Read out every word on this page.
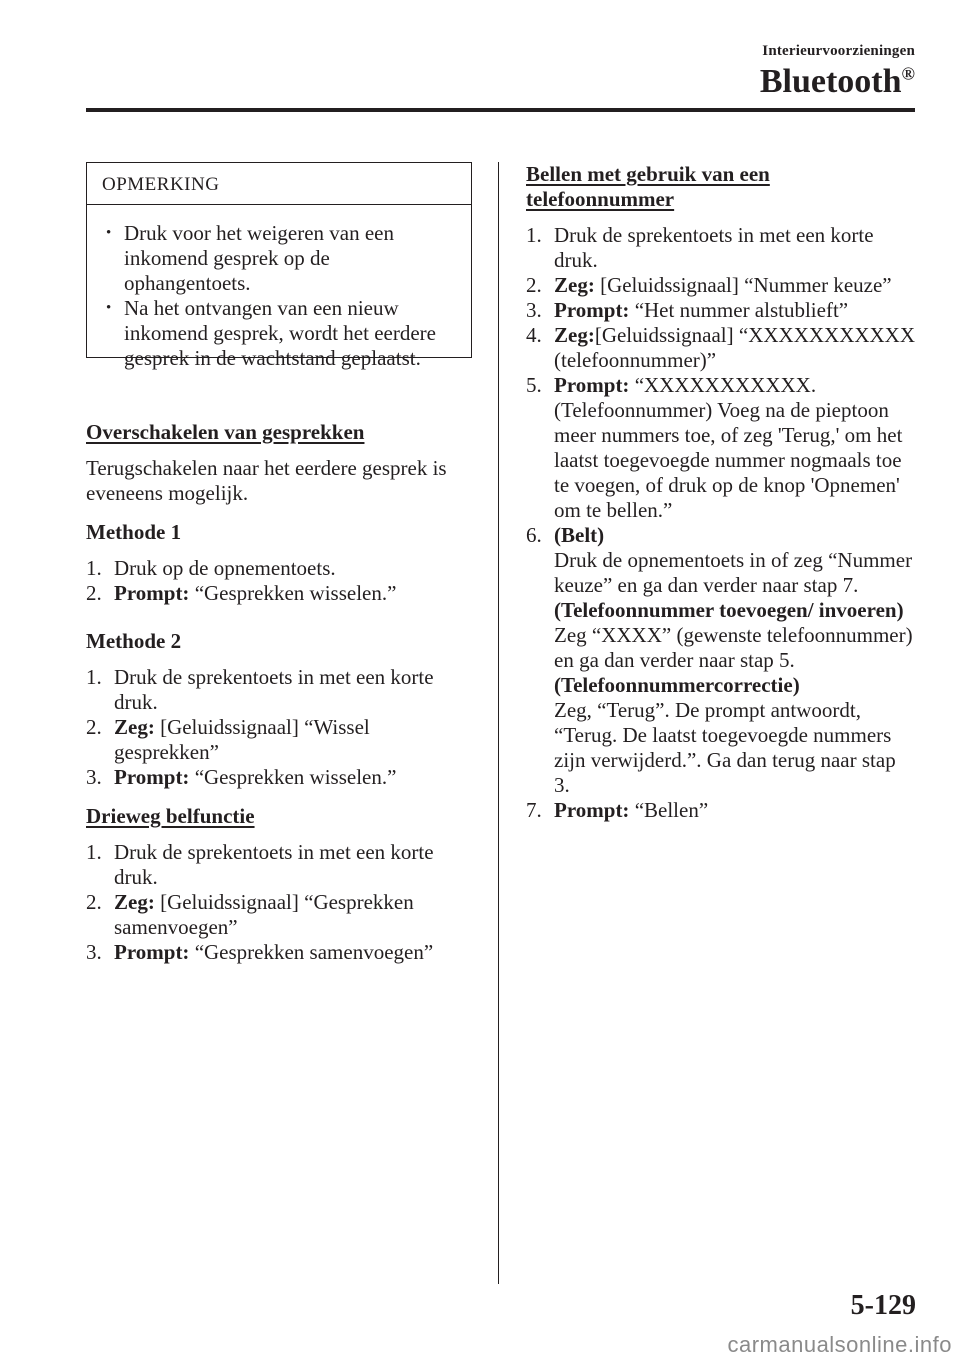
Interieurvoorzieningen
Bluetooth®
OPMERKING
• Druk voor het weigeren van een inkomend gesprek op de ophangentoets.
• Na het ontvangen van een nieuw inkomend gesprek, wordt het eerdere gesprek in de wachtstand geplaatst.
Overschakelen van gesprekken

Terugschakelen naar het eerdere gesprek is eveneens mogelijk.

Methode 1
1. Druk op de opnementoets.
2. Prompt: “Gesprekken wisselen.”
Methode 2
1. Druk de sprekentoets in met een korte druk.
2. Zeg: [Geluidssignaal] “Wissel gesprekken”
3. Prompt: “Gesprekken wisselen.”
Drieweg belfunctie
1. Druk de sprekentoets in met een korte druk.
2. Zeg: [Geluidssignaal] “Gesprekken samenvoegen”
3. Prompt: “Gesprekken samenvoegen”
Bellen met gebruik van een
telefoonnummer
1. Druk de sprekentoets in met een korte druk.
2. Zeg: [Geluidssignaal] “Nummer keuze”
3. Prompt: “Het nummer alstublieft”
4. Zeg:[Geluidssignaal] “XXXXXXXXXXX (telefoonnummer)”
5. Prompt: “XXXXXXXXXXX. (Telefoonnummer) Voeg na de pieptoon meer nummers toe, of zeg 'Terug,' om het laatst toegevoegde nummer nogmaals toe te voegen, of druk op de knop 'Opnemen' om te bellen.”
6. (Belt)
Druk de opnementoets in of zeg “Nummer keuze” en ga dan verder naar stap 7.
(Telefoonnummer toevoegen/ invoeren)
Zeg “XXXX” (gewenste telefoonnummer) en ga dan verder naar stap 5.
(Telefoonnummercorrectie)
Zeg, “Terug”. De prompt antwoordt, “Terug. De laatst toegevoegde nummers zijn verwijderd.”. Ga dan terug naar stap 3.
7. Prompt: “Bellen”
5-129
carmanualsonline.info
